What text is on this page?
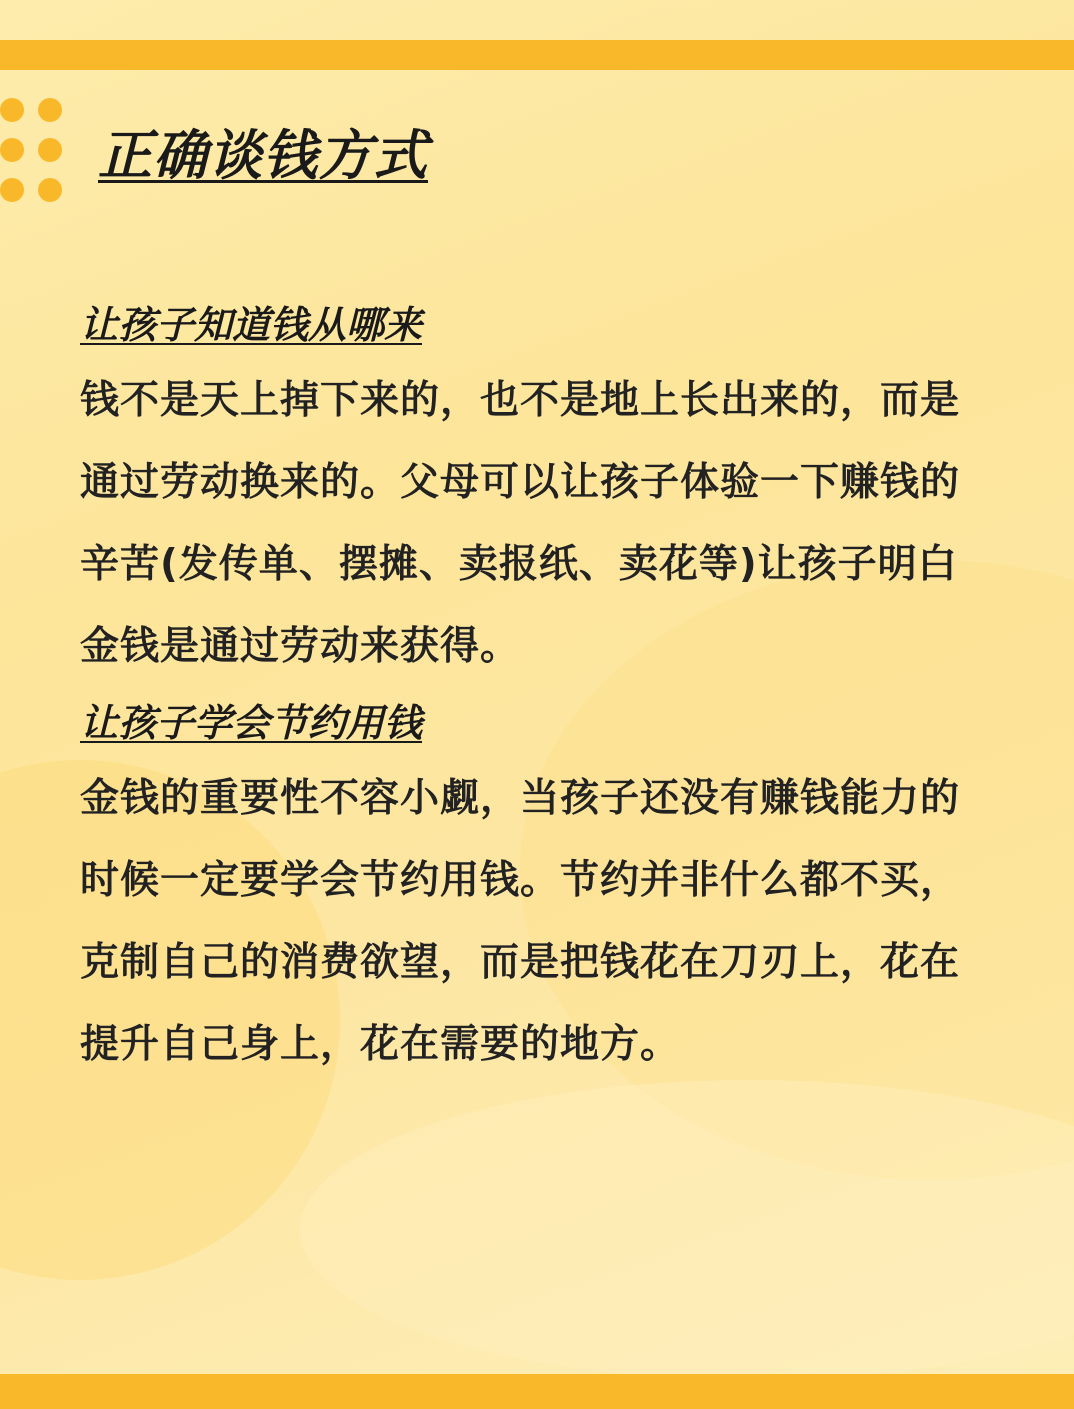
正确谈钱方式
让孩子知道钱从哪来

钱不是天上掉下来的，也不是地上长出来的，而是通过劳动换来的。父母可以让孩子体验一下赚钱的辛苦(发传单、摆摊、卖报纸、卖花等)让孩子明白金钱是通过劳动来获得。

让孩子学会节约用钱

金钱的重要性不容小觑，当孩子还没有赚钱能力的时候一定要学会节约用钱。节约并非什么都不买，克制自己的消费欲望，而是把钱花在刀刃上，花在提升自己身上，花在需要的地方。
